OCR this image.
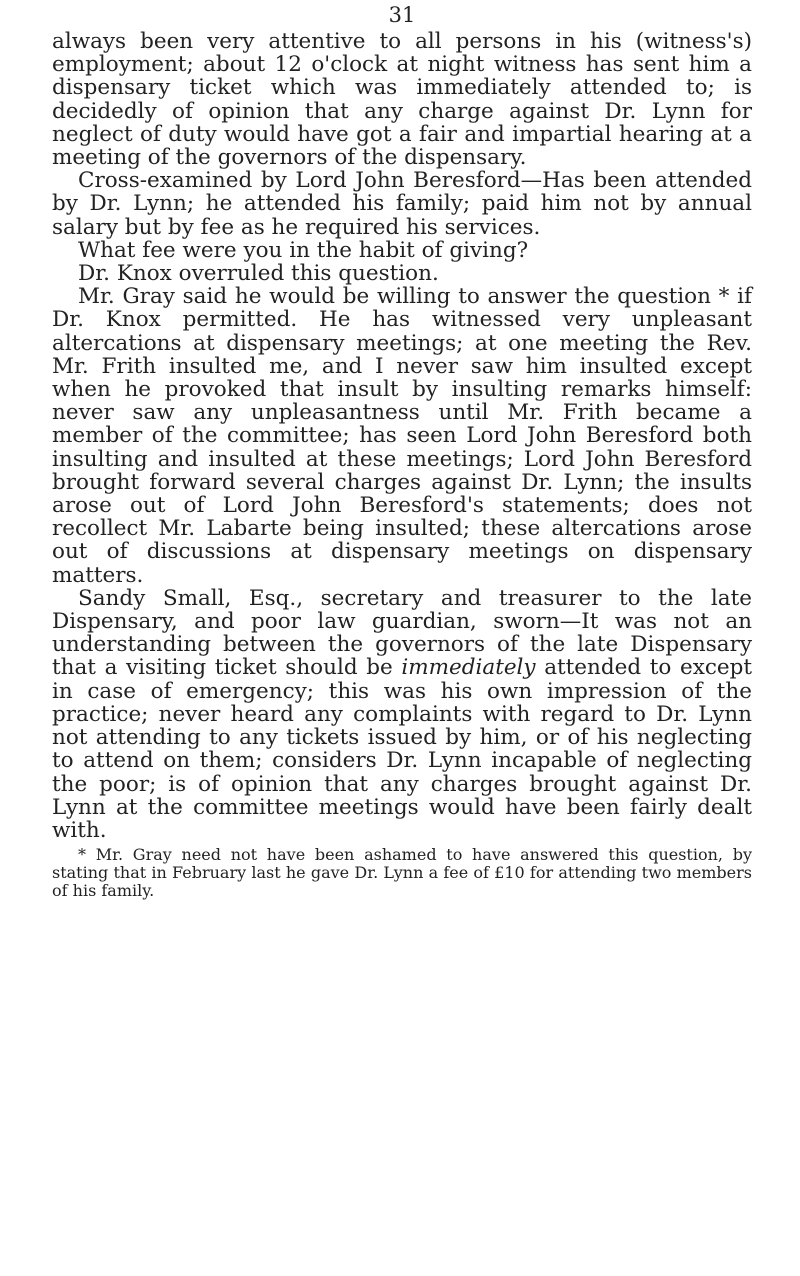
31

always been very attentive to all persons in his (witness's) employment; about 12 o'clock at night witness has sent him a dispensary ticket which was immediately attended to; is decidedly of opinion that any charge against Dr. Lynn for neglect of duty would have got a fair and impartial hearing at a meeting of the governors of the dispensary.

Cross-examined by Lord John Beresford—Has been attended by Dr. Lynn; he attended his family; paid him not by annual salary but by fee as he required his services.

What fee were you in the habit of giving?

Dr. Knox overruled this question.

Mr. Gray said he would be willing to answer the question * if Dr. Knox permitted. He has witnessed very unpleasant altercations at dispensary meetings; at one meeting the Rev. Mr. Frith insulted me, and I never saw him insulted except when he provoked that insult by insulting remarks himself: never saw any unpleasantness until Mr. Frith became a member of the committee; has seen Lord John Beresford both insulting and insulted at these meetings; Lord John Beresford brought forward several charges against Dr. Lynn; the insults arose out of Lord John Beresford's statements; does not recollect Mr. Labarte being insulted; these altercations arose out of discussions at dispensary meetings on dispensary matters.

Sandy Small, Esq., secretary and treasurer to the late Dispensary, and poor law guardian, sworn—It was not an understanding between the governors of the late Dispensary that a visiting ticket should be immediately attended to except in case of emergency; this was his own impression of the practice; never heard any complaints with regard to Dr. Lynn not attending to any tickets issued by him, or of his neglecting to attend on them; considers Dr. Lynn incapable of neglecting the poor; is of opinion that any charges brought against Dr. Lynn at the committee meetings would have been fairly dealt with.

* Mr. Gray need not have been ashamed to have answered this question, by stating that in February last he gave Dr. Lynn a fee of £10 for attending two members of his family.
